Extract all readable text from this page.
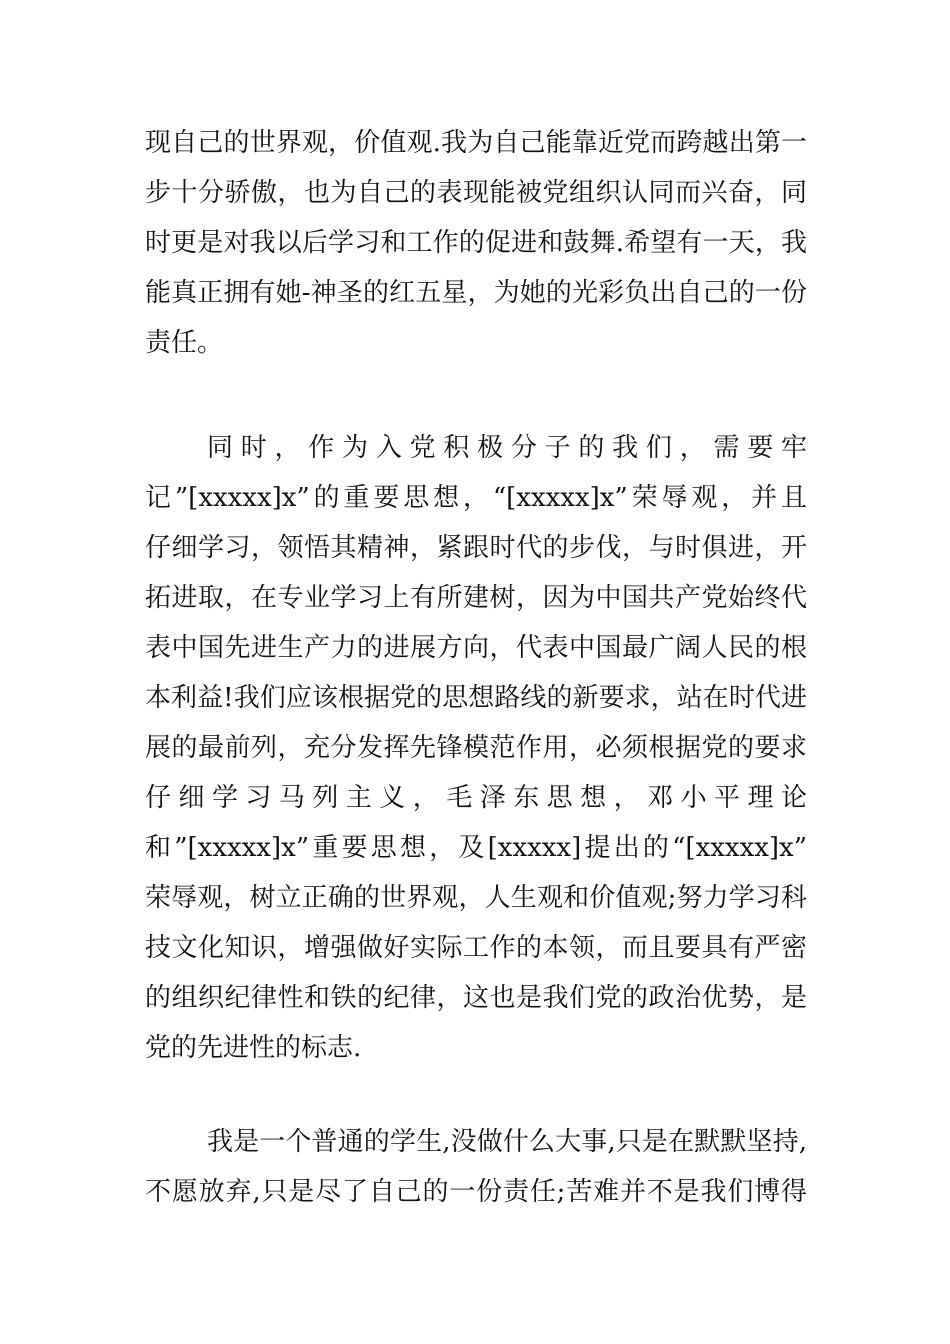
现自己的世界观，价值观.我为自己能靠近党而跨越出第一
步十分骄傲，也为自己的表现能被党组织认同而兴奋，同
时更是对我以后学习和工作的促进和鼓舞.希望有一天，我
能真正拥有她-神圣的红五星，为她的光彩负出自己的一份
责任。
同时，作为入党积极分子的我们，需要牢
记”[xxxxx]x”的重要思想，“[xxxxx]x”荣辱观，并且
仔细学习，领悟其精神，紧跟时代的步伐，与时俱进，开
拓进取，在专业学习上有所建树，因为中国共产党始终代
表中国先进生产力的进展方向，代表中国最广阔人民的根
本利益!我们应该根据党的思想路线的新要求，站在时代进
展的最前列，充分发挥先锋模范作用，必须根据党的要求
仔细学习马列主义，毛泽东思想，邓小平理论
和”[xxxxx]x”重要思想，及[xxxxx]提出的“[xxxxx]x”
荣辱观，树立正确的世界观，人生观和价值观;努力学习科
技文化知识，增强做好实际工作的本领，而且要具有严密
的组织纪律性和铁的纪律，这也是我们党的政治优势，是
党的先进性的标志.
我是一个普通的学生,没做什么大事,只是在默默坚持,
不愿放弃,只是尽了自己的一份责任;苦难并不是我们博得
